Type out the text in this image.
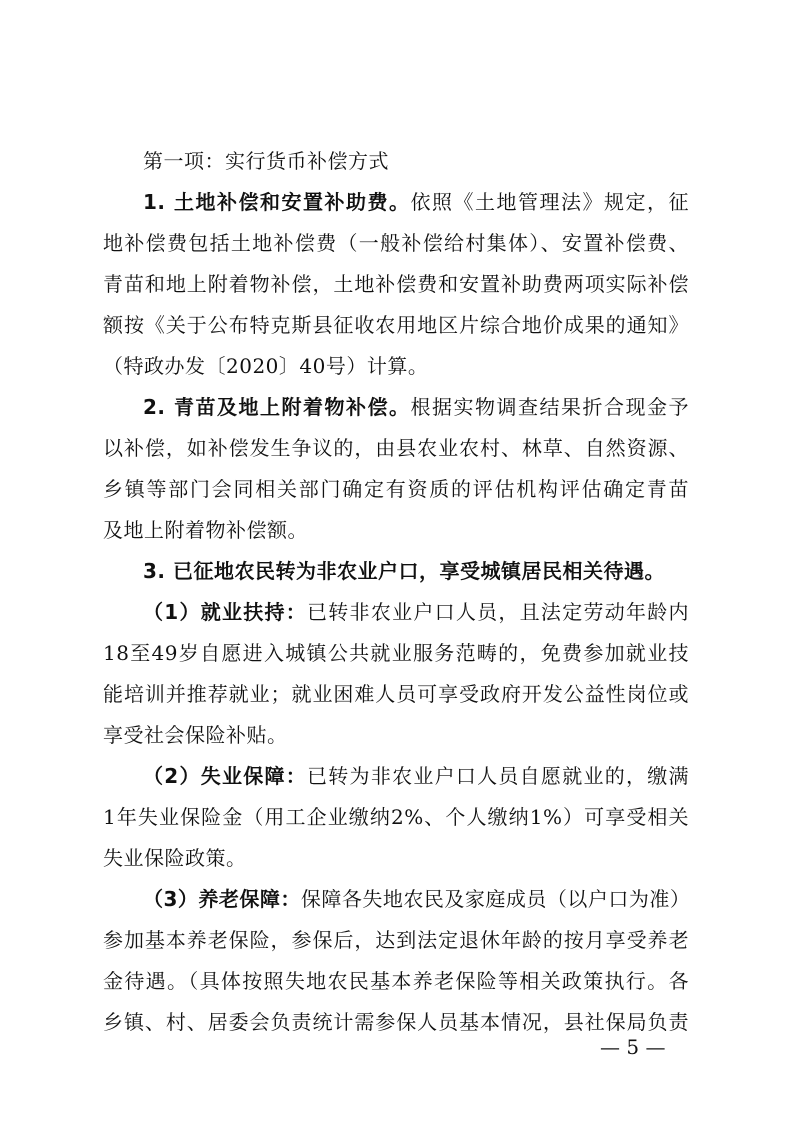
第一项：实行货币补偿方式
1. 土地补偿和安置补助费。依照《土地管理法》规定，征
地补偿费包括土地补偿费（一般补偿给村集体）、安置补偿费、
青苗和地上附着物补偿，土地补偿费和安置补助费两项实际补偿
额按《关于公布特克斯县征收农用地区片综合地价成果的通知》
（特政办发〔2020〕40号）计算。
2. 青苗及地上附着物补偿。根据实物调查结果折合现金予
以补偿，如补偿发生争议的，由县农业农村、林草、自然资源、
乡镇等部门会同相关部门确定有资质的评估机构评估确定青苗
及地上附着物补偿额。
3. 已征地农民转为非农业户口，享受城镇居民相关待遇。
（1）就业扶持：已转非农业户口人员，且法定劳动年龄内
18至49岁自愿进入城镇公共就业服务范畴的，免费参加就业技
能培训并推荐就业；就业困难人员可享受政府开发公益性岗位或
享受社会保险补贴。
（2）失业保障：已转为非农业户口人员自愿就业的，缴满
1年失业保险金（用工企业缴纳2%、个人缴纳1%）可享受相关
失业保险政策。
（3）养老保障：保障各失地农民及家庭成员（以户口为准）
参加基本养老保险，参保后，达到法定退休年龄的按月享受养老
金待遇。（具体按照失地农民基本养老保险等相关政策执行。各
乡镇、村、居委会负责统计需参保人员基本情况，县社保局负责
— 5 —
